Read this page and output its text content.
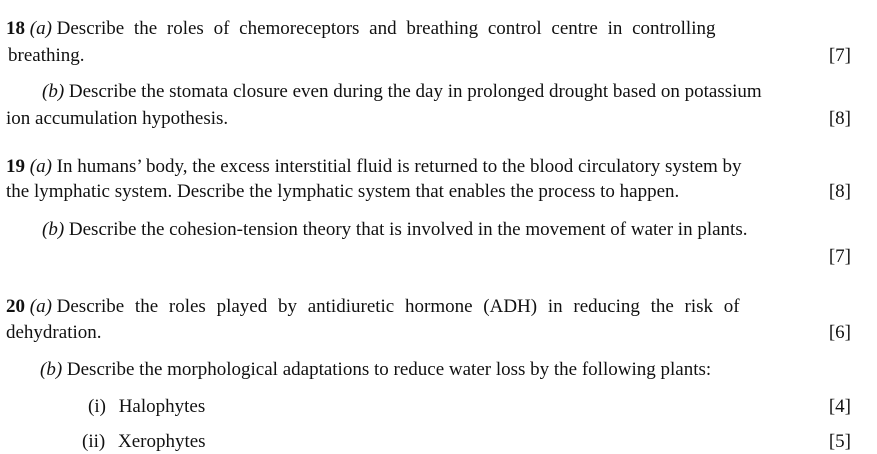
18 (a) Describe the roles of chemoreceptors and breathing control centre in controlling
breathing.	[7]
(b) Describe the stomata closure even during the day in prolonged drought based on potassium
ion accumulation hypothesis.	[8]
19 (a) In humans’ body, the excess interstitial fluid is returned to the blood circulatory system by
the lymphatic system. Describe the lymphatic system that enables the process to happen.	[8]
(b) Describe the cohesion-tension theory that is involved in the movement of water in plants.
[7]
20 (a) Describe the roles played by antidiuretic hormone (ADH) in reducing the risk of
dehydration.	[6]
(b) Describe the morphological adaptations to reduce water loss by the following plants:
(i) Halophytes	[4]
(ii) Xerophytes	[5]
